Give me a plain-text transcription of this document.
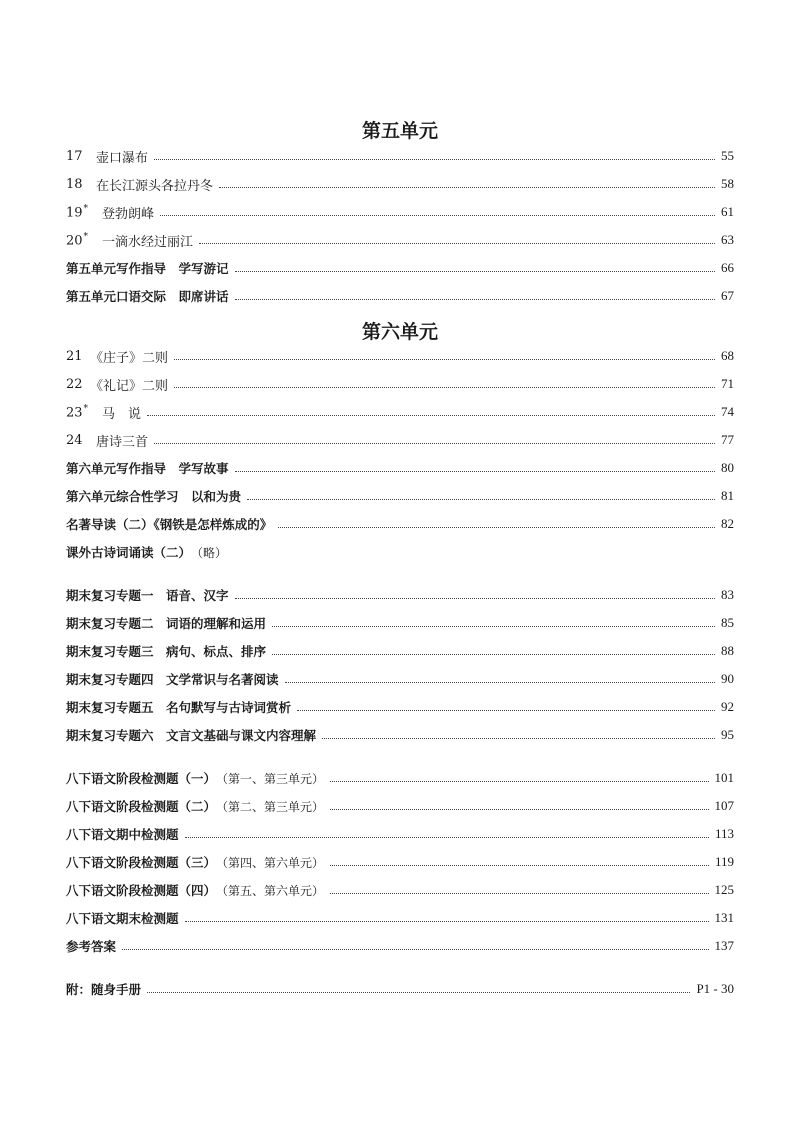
第五单元
17	壶口瀑布	55
18	在长江源头各拉丹冬	58
19*	登勃朗峰	61
20*	一滴水经过丽江	63
第五单元写作指导　学写游记	66
第五单元口语交际　即席讲话	67
第六单元
21 《庄子》二则	68
22 《礼记》二则	71
23*	马　说	74
24	唐诗三首	77
第六单元写作指导　学写故事	80
第六单元综合性学习　以和为贵	81
名著导读（二）《钢铁是怎样炼成的》	82
课外古诗词诵读（二） （略）
期末复习专题一　语音、汉字	83
期末复习专题二　词语的理解和运用	85
期末复习专题三　病句、标点、排序	88
期末复习专题四　文学常识与名著阅读	90
期末复习专题五　名句默写与古诗词赏析	92
期末复习专题六　文言文基础与课文内容理解	95
八下语文阶段检测题（一） （第一、第三单元）	101
八下语文阶段检测题（二） （第二、第三单元）	107
八下语文期中检测题	113
八下语文阶段检测题（三） （第四、第六单元）	119
八下语文阶段检测题（四） （第五、第六单元）	125
八下语文期末检测题	131
参考答案	137
附：随身手册	P1 - 30
